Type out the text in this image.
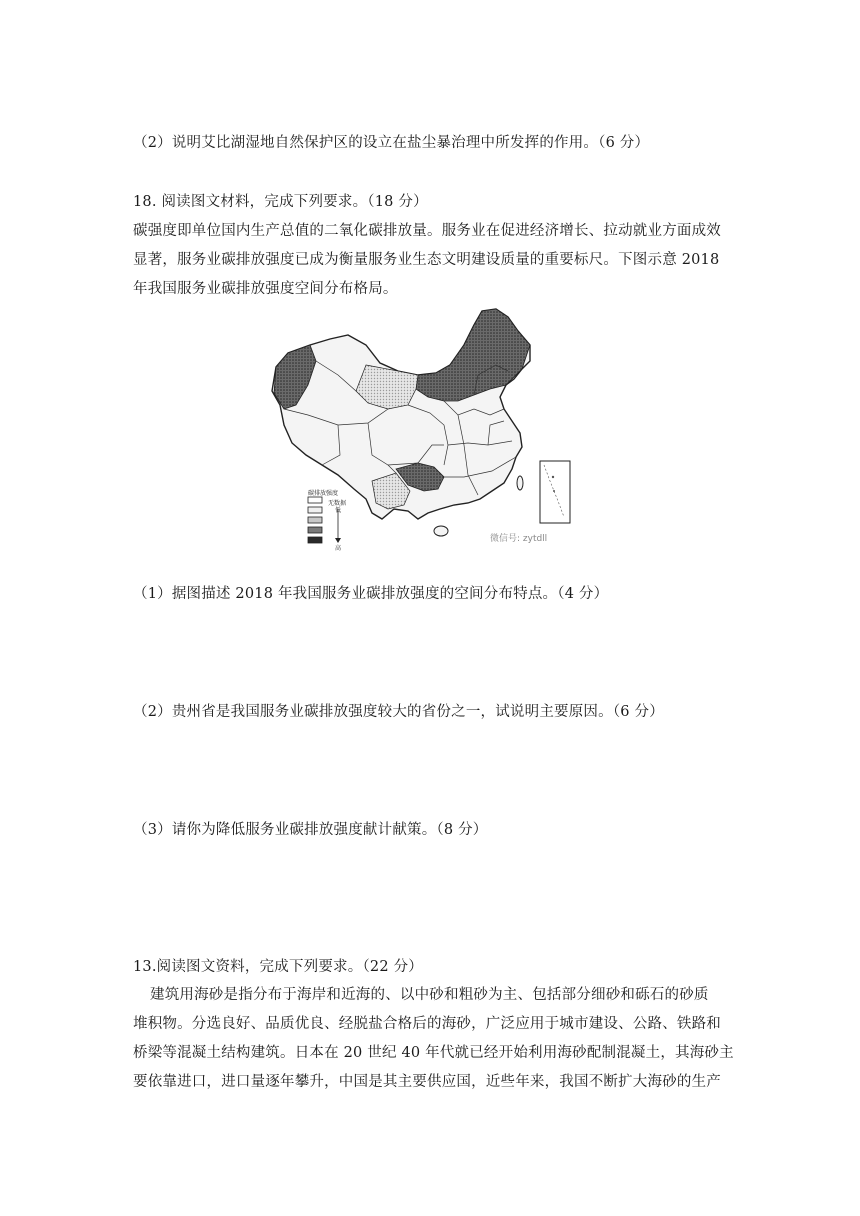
（2）说明艾比湖湿地自然保护区的设立在盐尘暴治理中所发挥的作用。（6 分）
18. 阅读图文材料，完成下列要求。（18 分）
碳强度即单位国内生产总值的二氧化碳排放量。服务业在促进经济增长、拉动就业方面成效
显著，服务业碳排放强度已成为衡量服务业生态文明建设质量的重要标尺。下图示意 2018
年我国服务业碳排放强度空间分布格局。
碳排放强度
无数据
低
高
微信号: zytdll
（1）据图描述 2018 年我国服务业碳排放强度的空间分布特点。（4 分）
（2）贵州省是我国服务业碳排放强度较大的省份之一，试说明主要原因。（6 分）
（3）请你为降低服务业碳排放强度献计献策。（8 分）
13.阅读图文资料，完成下列要求。（22 分）
建筑用海砂是指分布于海岸和近海的、以中砂和粗砂为主、包括部分细砂和砾石的砂质
堆积物。分选良好、品质优良、经脱盐合格后的海砂，广泛应用于城市建设、公路、铁路和
桥梁等混凝土结构建筑。日本在 20 世纪 40 年代就已经开始利用海砂配制混凝土，其海砂主
要依靠进口，进口量逐年攀升，中国是其主要供应国，近些年来，我国不断扩大海砂的生产
